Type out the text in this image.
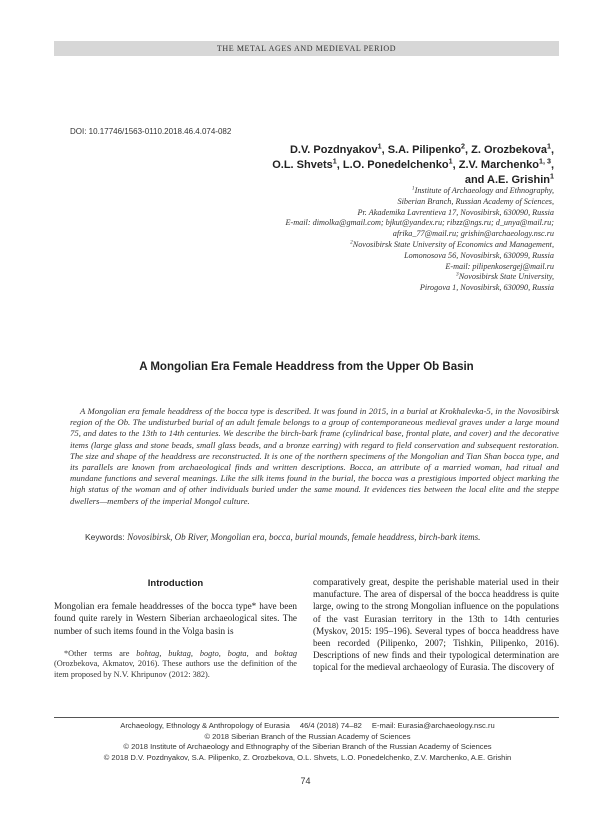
THE METAL AGES AND MEDIEVAL PERIOD
DOI: 10.17746/1563-0110.2018.46.4.074-082
D.V. Pozdnyakov$^1$, S.A. Pilipenko$^2$, Z. Orozbekova$^1$,
O.L. Shvets$^1$, L.O. Ponedelchenko$^1$, Z.V. Marchenko$^{1, 3}$,
and A.E. Grishin$^1$
$^1$Institute of Archaeology and Ethnography,
Siberian Branch, Russian Academy of Sciences,
Pr. Akademika Lavrentieva 17, Novosibirsk, 630090, Russia
E-mail: dimolka@gmail.com; bjkut@yandex.ru; ribzz@ngs.ru; d_unya@mail.ru;
afrika_77@mail.ru; grishin@archaeology.nsc.ru
$^2$Novosibirsk State University of Economics and Management,
Lomonosova 56, Novosibirsk, 630099, Russia
E-mail: pilipenkosergej@mail.ru
$^3$Novosibirsk State University,
Pirogova 1, Novosibirsk, 630090, Russia
A Mongolian Era Female Headdress from the Upper Ob Basin
A Mongolian era female headdress of the bocca type is described. It was found in 2015, in a burial at Krokhalevka-5, in the Novosibirsk region of the Ob. The undisturbed burial of an adult female belongs to a group of contemporaneous medieval graves under a large mound 75, and dates to the 13th to 14th centuries. We describe the birch-bark frame (cylindrical base, frontal plate, and cover) and the decorative items (large glass and stone beads, small glass beads, and a bronze earring) with regard to field conservation and subsequent restoration. The size and shape of the headdress are reconstructed. It is one of the northern specimens of the Mongolian and Tian Shan bocca type, and its parallels are known from archaeological finds and written descriptions. Bocca, an attribute of a married woman, had ritual and mundane functions and several meanings. Like the silk items found in the burial, the bocca was a prestigious imported object marking the high status of the woman and of other individuals buried under the same mound. It evidences ties between the local elite and the steppe dwellers—members of the imperial Mongol culture.
Keywords: Novosibirsk, Ob River, Mongolian era, bocca, burial mounds, female headdress, birch-bark items.
Introduction

Mongolian era female headdresses of the bocca type* have been found quite rarely in Western Siberian archaeological sites. The number of such items found in the Volga basin is

*Other terms are bohtag, buktag, bogto, bogta, and boktag (Orozbekova, Akmatov, 2016). These authors use the definition of the item proposed by N.V. Khripunov (2012: 382).

comparatively great, despite the perishable material used in their manufacture. The area of dispersal of the bocca headdress is quite large, owing to the strong Mongolian influence on the populations of the vast Eurasian territory in the 13th to 14th centuries (Myskov, 2015: 195–196). Several types of bocca headdress have been recorded (Pilipenko, 2007; Tishkin, Pilipenko, 2016). Descriptions of new finds and their typological determination are topical for the medieval archaeology of Eurasia. The discovery of

Archaeology, Ethnology & Anthropology of Eurasia 46/4 (2018) 74–82 E-mail: Eurasia@archaeology.nsc.ru
© 2018 Siberian Branch of the Russian Academy of Sciences
© 2018 Institute of Archaeology and Ethnography of the Siberian Branch of the Russian Academy of Sciences
© 2018 D.V. Pozdnyakov, S.A. Pilipenko, Z. Orozbekova, O.L. Shvets, L.O. Ponedelchenko, Z.V. Marchenko, A.E. Grishin
74
